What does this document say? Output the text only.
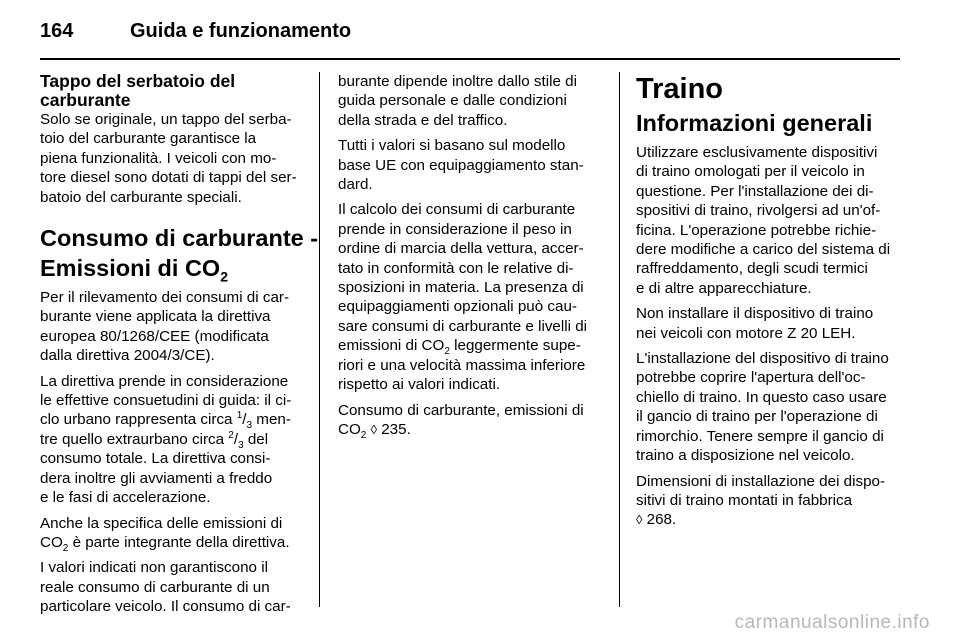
164	Guida e funzionamento
Tappo del serbatoio del
carburante

Solo se originale, un tappo del serba-
toio del carburante garantisce la
piena funzionalità. I veicoli con mo-
tore diesel sono dotati di tappi del ser-
batoio del carburante speciali.

Consumo di carburante -
Emissioni di $CO_2$

Per il rilevamento dei consumi di car-
burante viene applicata la direttiva
europea 80/1268/CEE (modificata
dalla direttiva 2004/3/CE).

La direttiva prende in considerazione
le effettive consuetudini di guida: il ci-
clo urbano rappresenta circa $^1/_3$ men-
tre quello extraurbano circa $^2/_3$ del
consumo totale. La direttiva consi-
dera inoltre gli avviamenti a freddo
e le fasi di accelerazione.

Anche la specifica delle emissioni di
$CO_2$ è parte integrante della direttiva.

I valori indicati non garantiscono il
reale consumo di carburante di un
particolare veicolo. Il consumo di car-

burante dipende inoltre dallo stile di
guida personale e dalle condizioni
della strada e del traffico.

Tutti i valori si basano sul modello
base UE con equipaggiamento stan-
dard.

Il calcolo dei consumi di carburante
prende in considerazione il peso in
ordine di marcia della vettura, accer-
tato in conformità con le relative di-
sposizioni in materia. La presenza di
equipaggiamenti opzionali può cau-
sare consumi di carburante e livelli di
emissioni di $CO_2$ leggermente supe-
riori e una velocità massima inferiore
rispetto ai valori indicati.

Consumo di carburante, emissioni di
$CO_2$ ◊ 235.

Traino
Informazioni generali

Utilizzare esclusivamente dispositivi
di traino omologati per il veicolo in
questione. Per l'installazione dei di-
spositivi di traino, rivolgersi ad un'of-
ficina. L'operazione potrebbe richie-
dere modifiche a carico del sistema di
raffreddamento, degli scudi termici
e di altre apparecchiature.

Non installare il dispositivo di traino
nei veicoli con motore Z 20 LEH.

L'installazione del dispositivo di traino
potrebbe coprire l'apertura dell'oc-
chiello di traino. In questo caso usare
il gancio di traino per l'operazione di
rimorchio. Tenere sempre il gancio di
traino a disposizione nel veicolo.

Dimensioni di installazione dei dispo-
sitivi di traino montati in fabbrica
◊ 268.

carmanualsonline.info
